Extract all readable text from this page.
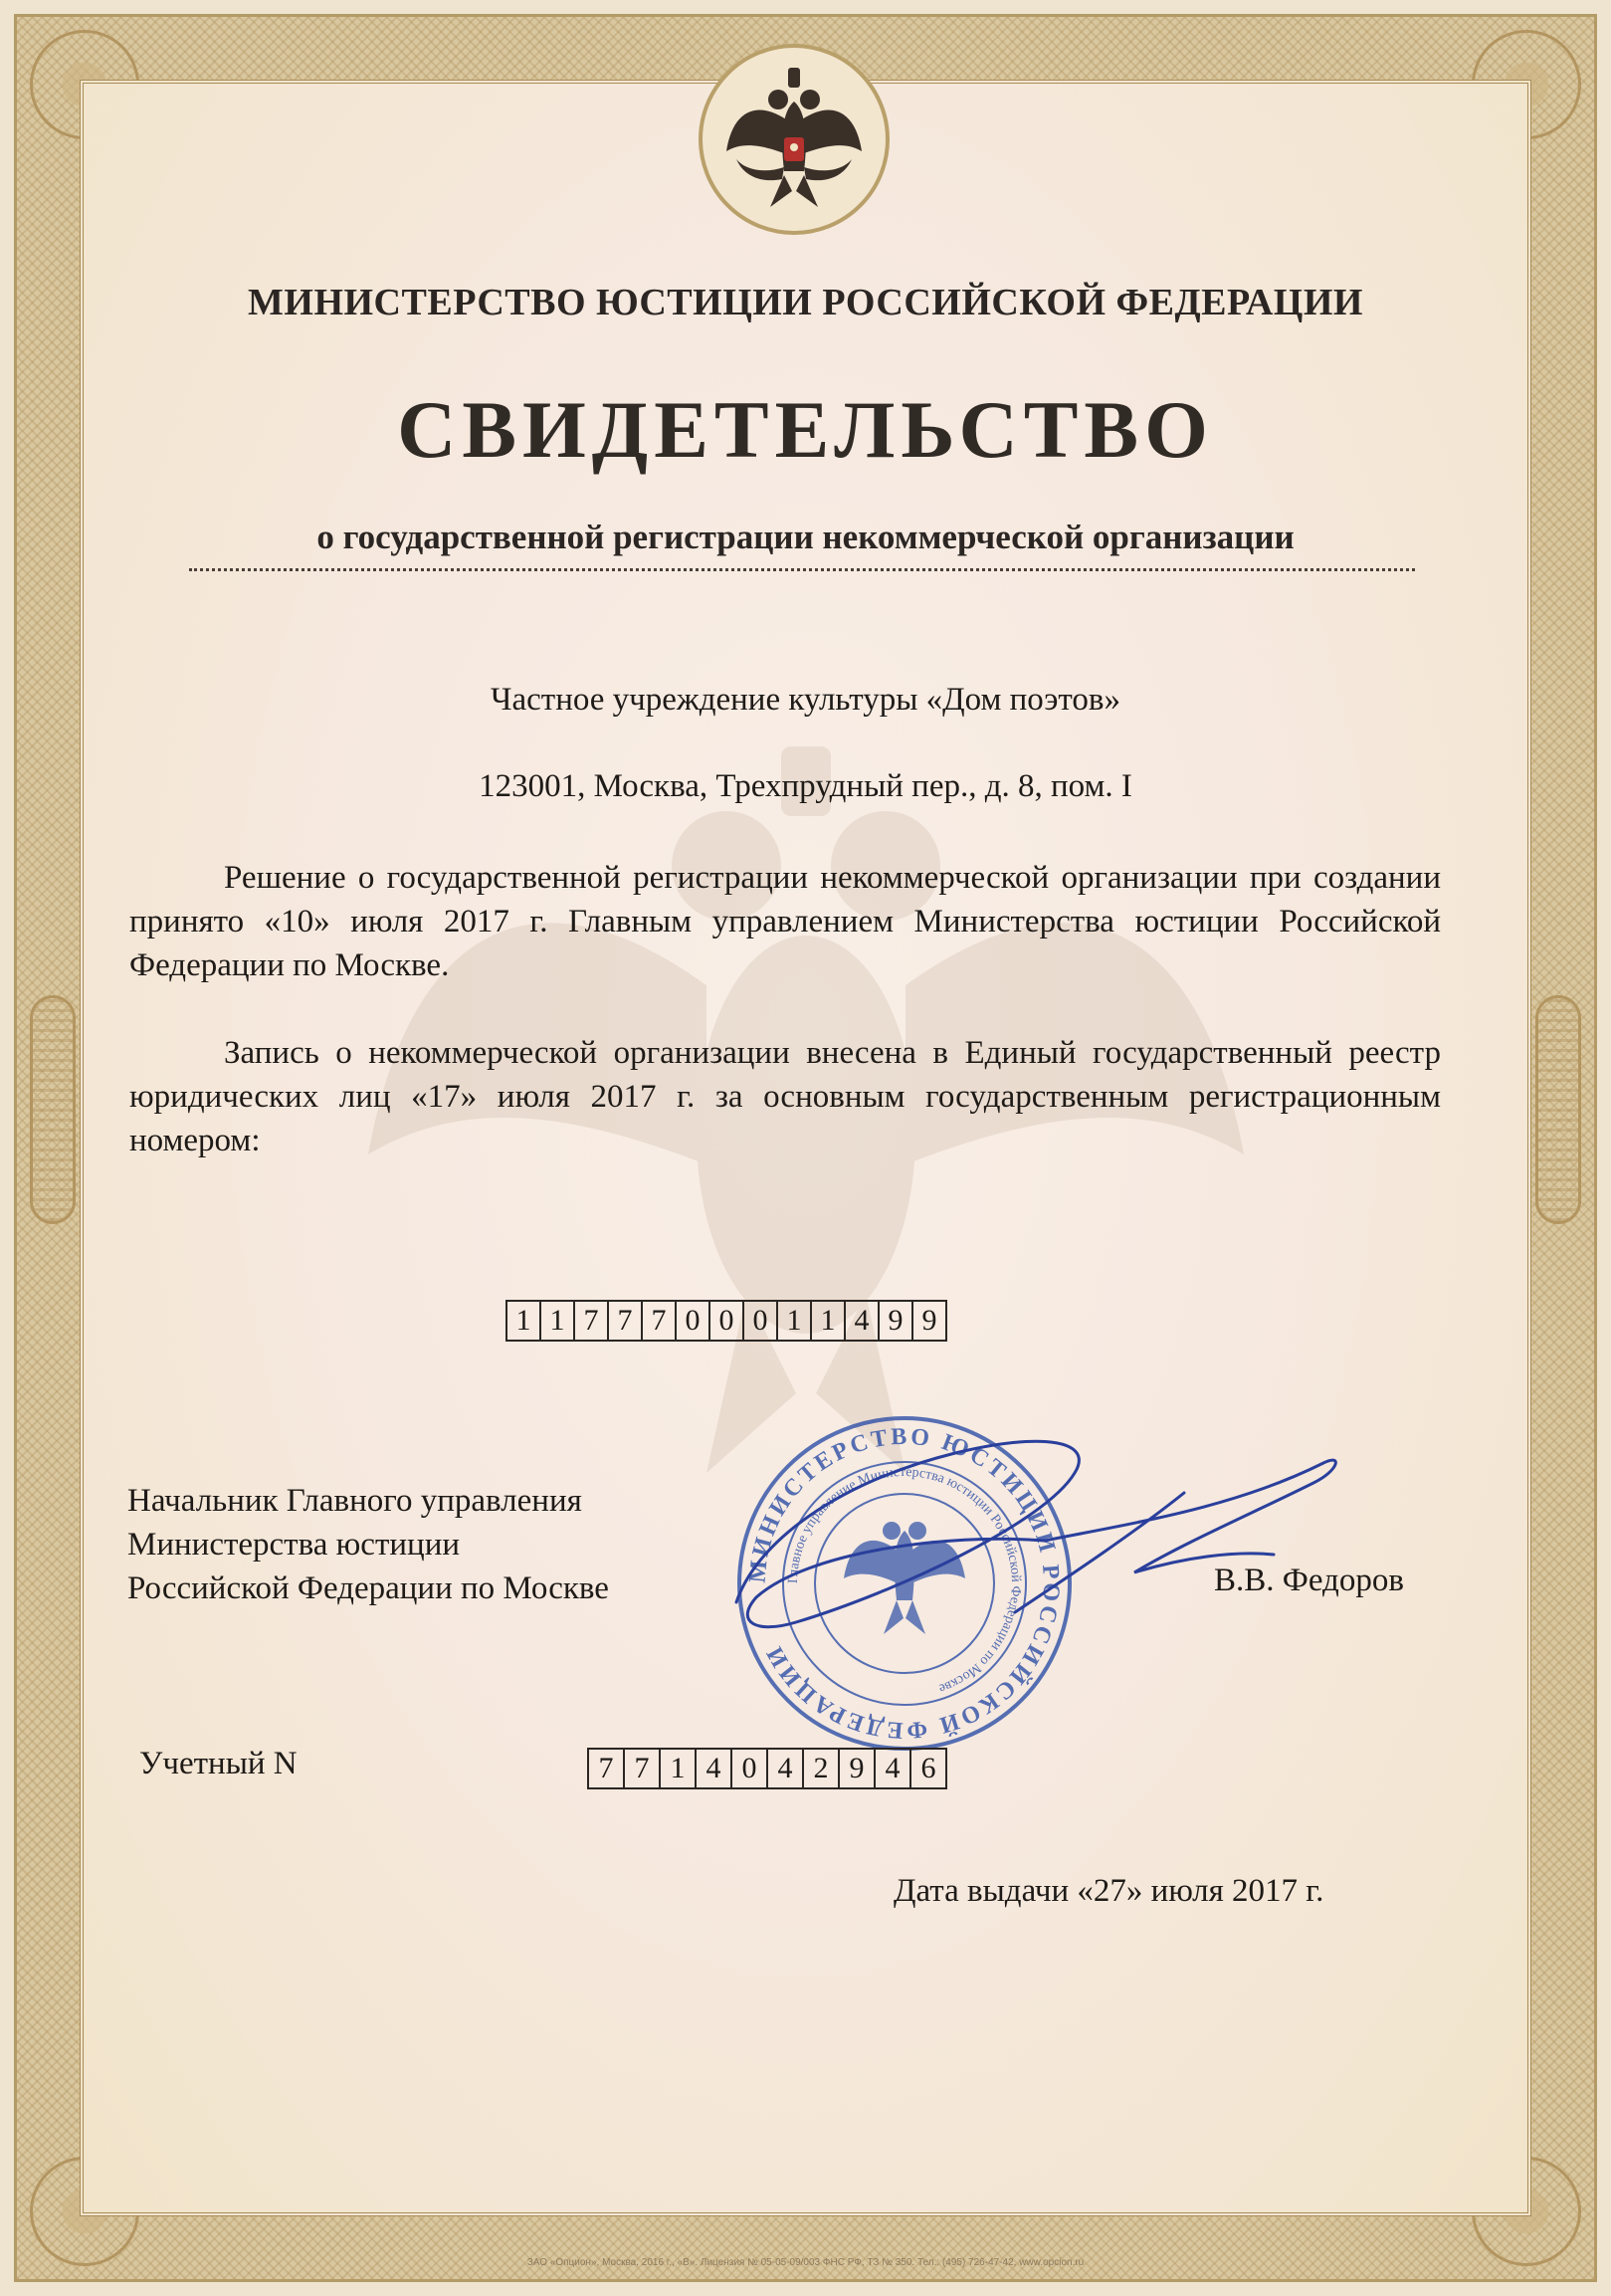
МИНИСТЕРСТВО ЮСТИЦИИ РОССИЙСКОЙ ФЕДЕРАЦИИ

СВИДЕТЕЛЬСТВО

о государственной регистрации некоммерческой организации

Частное учреждение культуры «Дом поэтов»

123001, Москва, Трехпрудный пер., д. 8, пом. I

Решение о государственной регистрации некоммерческой организации при создании принято «10» июля 2017 г. Главным управлением Министерства юстиции Российской Федерации по Москве.

Запись о некоммерческой организации внесена в Единый государственный реестр юридических лиц «17» июля 2017 г. за основным государственным регистрационным номером:

1 1 7 7 7 0 0 0 1 1 4 9 9
Начальник Главного управления
Министерства юстиции
Российской Федерации по Москве	В.В. Федоров

МИНИСТЕРСТВО ЮСТИЦИИ РОССИЙСКОЙ ФЕДЕРАЦИИ
Главное управление Министерства юстиции Российской Федерации по Москве

Учетный N	7 7 1 4 0 4 2 9 4 6

Дата выдачи «27» июля 2017 г.

ЗАО «Опцион», Москва, 2016 г., «В». Лицензия № 05-05-09/003 ФНС РФ, ТЗ № 350. Тел.: (495) 726-47-42, www.opcion.ru
